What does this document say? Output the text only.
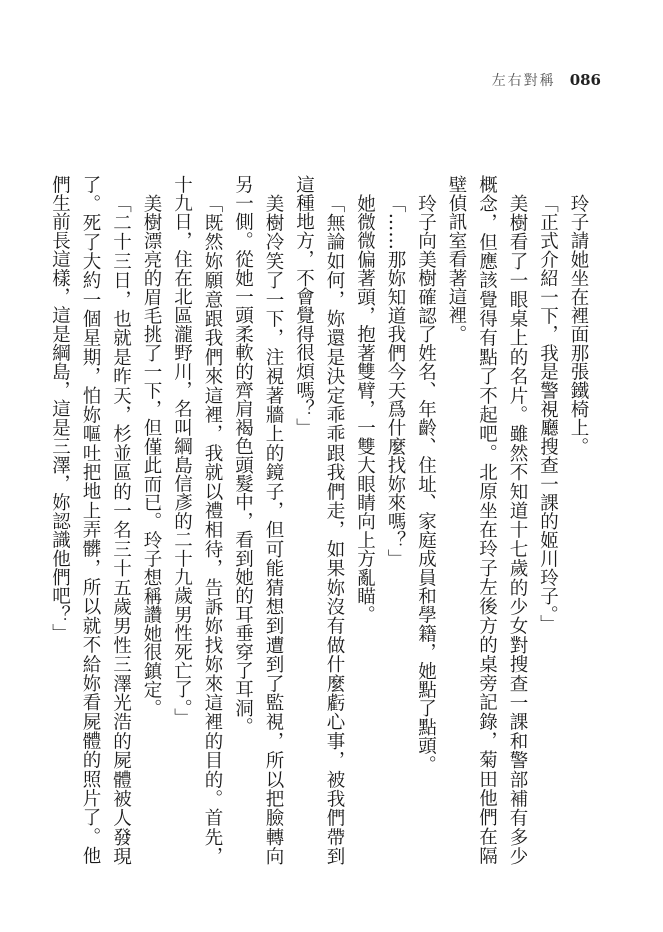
左右對稱 086

玲子請她坐在裡面那張鐵椅上。

「正式介紹一下，我是警視廳搜查一課的姬川玲子。」

美樹看了一眼桌上的名片。雖然不知道十七歲的少女對搜查一課和警部補有多少概念，但應該覺得有點了不起吧。北原坐在玲子左後方的桌旁記錄，菊田他們在隔壁偵訊室看著這裡。

玲子向美樹確認了姓名、年齡、住址、家庭成員和學籍，她點了點頭。

「……那妳知道我們今天爲什麼找妳來嗎？」

她微微偏著頭，抱著雙臂，一雙大眼睛向上方亂瞄。

「無論如何，妳還是決定乖乖跟我們走，如果妳沒有做什麼虧心事，被我們帶到這種地方，不會覺得很煩嗎？」

美樹冷笑了一下，注視著牆上的鏡子，但可能猜想到遭到了監視，所以把臉轉向另一側。從她一頭柔軟的齊肩褐色頭髮中，看到她的耳垂穿了耳洞。

「既然妳願意跟我們來這裡，我就以禮相待，告訴妳找妳來這裡的目的。首先，十九日，住在北區瀧野川，名叫綱島信彥的二十九歲男性死亡了。」

美樹漂亮的眉毛挑了一下，但僅此而已。玲子想稱讚她很鎮定。

「二十三日，也就是昨天，杉並區的一名三十五歲男性三澤光浩的屍體被人發現了。死了大約一個星期，怕妳嘔吐把地上弄髒，所以就不給妳看屍體的照片了。他們生前長這樣，這是綱島，這是三澤，妳認識他們吧？」
